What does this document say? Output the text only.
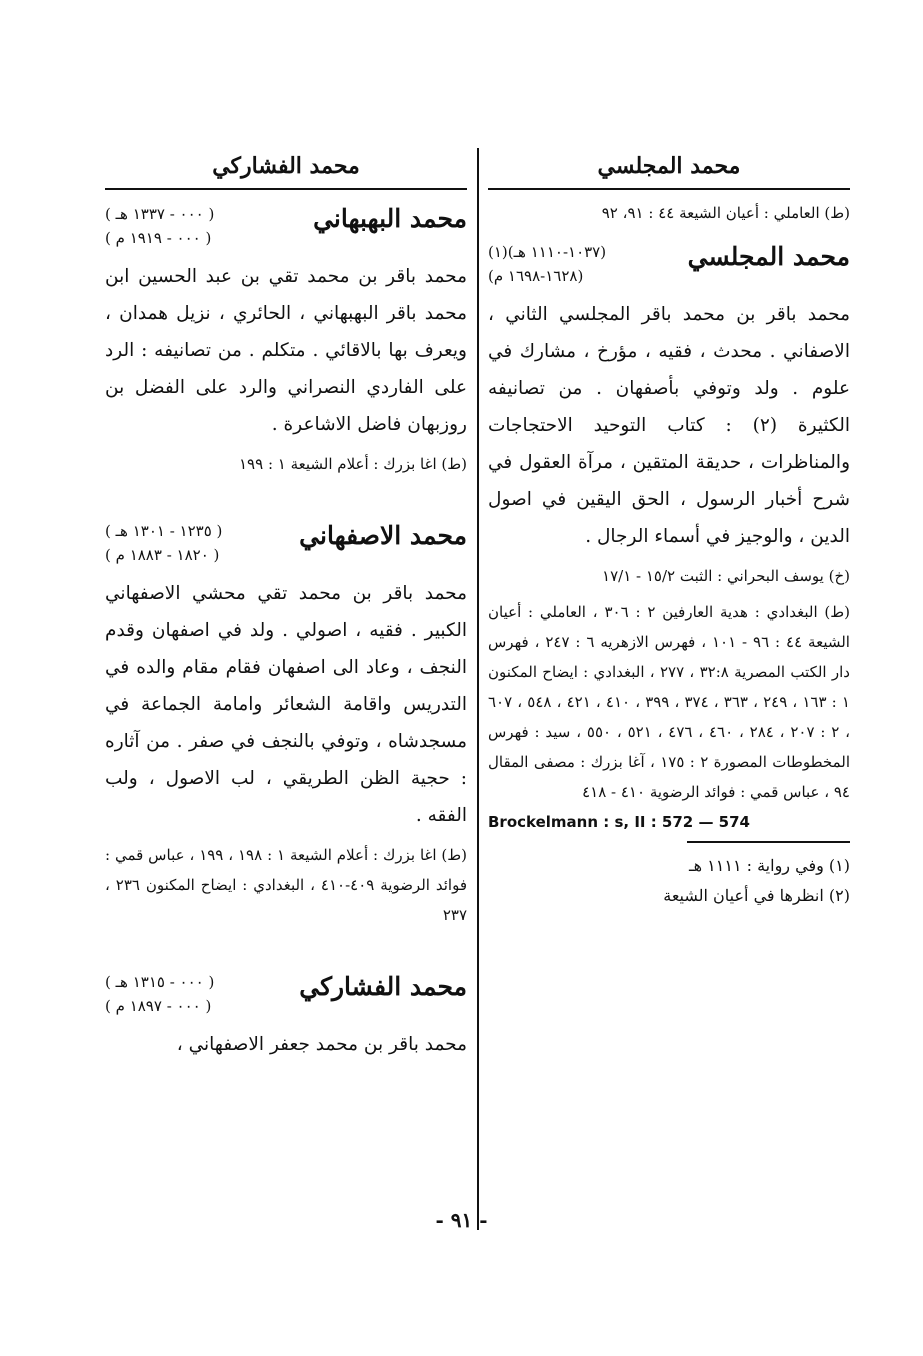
محمد المجلسي
(ط) العاملي : أعيان الشيعة ٤٤ : ٩١، ٩٢
محمد المجلسي
(١٠٣٧-١١١٠ هـ)(١)
(١٦٢٨-١٦٩٨ م)

محمد باقر بن محمد باقر المجلسي الثاني ، الاصفاني . محدث ، فقيه ، مؤرخ ، مشارك في علوم . ولد وتوفي بأصفهان . من تصانيفه الكثيرة (٢) : كتاب التوحيد الاحتجاجات والمناظرات ، حديقة المتقين ، مرآة العقول في شرح أخبار الرسول ، الحق اليقين في اصول الدين ، والوجيز في أسماء الرجال .

(خ) يوسف البحراني : الثبت ١٥/٢ - ١٧/١
(ط) البغدادي : هدية العارفين ٢ : ٣٠٦ ، العاملي : أعيان الشيعة ٤٤ : ٩٦ - ١٠١ ، فهرس الازهريه ٦ : ٢٤٧ ، فهرس دار الكتب المصرية ٣٢:٨ ، ٢٧٧ ، البغدادي : ايضاح المكنون ١ : ١٦٣ ، ٢٤٩ ، ٣٦٣ ، ٣٧٤ ، ٣٩٩ ، ٤١٠ ، ٤٢١ ، ٥٤٨ ، ٦٠٧ ، ٢ : ٢٠٧ ، ٢٨٤ ، ٤٦٠ ، ٤٧٦ ، ٥٢١ ، ٥٥٠ ، سيد : فهرس المخطوطات المصورة ٢ : ١٧٥ ، آغا بزرك : مصفى المقال ٩٤ ، عباس قمي : فوائد الرضوية ٤١٠ - ٤١٨
Brockelmann : s, II : 572 — 574
(١) وفي رواية : ١١١١ هـ
(٢) انظرها في أعيان الشيعة
محمد الفشاركي
محمد البهبهاني
( ٠٠٠ - ١٣٣٧ هـ )
( ٠٠٠ - ١٩١٩ م )

محمد باقر بن محمد تقي بن عبد الحسين ابن محمد باقر البهبهاني ، الحائري ، نزيل همدان ، ويعرف بها بالاقائي . متكلم . من تصانيفه : الرد على الفاردي النصراني والرد على الفضل بن روزبهان فاضل الاشاعرة .

(ط) اغا بزرك : أعلام الشيعة ١ : ١٩٩
محمد الاصفهاني
( ١٢٣٥ - ١٣٠١ هـ )
( ١٨٢٠ - ١٨٨٣ م )

محمد باقر بن محمد تقي محشي الاصفهاني الكبير . فقيه ، اصولي . ولد في اصفهان وقدم النجف ، وعاد الى اصفهان فقام مقام والده في التدريس واقامة الشعائر وامامة الجماعة في مسجدشاه ، وتوفي بالنجف في صفر . من آثاره : حجية الظن الطريقي ، لب الاصول ، ولب الفقه .

(ط) اغا بزرك : أعلام الشيعة ١ : ١٩٨ ، ١٩٩ ، عباس قمي : فوائد الرضوية ٤٠٩-٤١٠ ، البغدادي : ايضاح المكنون ٢٣٦ ، ٢٣٧
محمد الفشاركي
( ٠٠٠ - ١٣١٥ هـ )
( ٠٠٠ - ١٨٩٧ م )

محمد باقر بن محمد جعفر الاصفهاني ،

- ٩١ -
